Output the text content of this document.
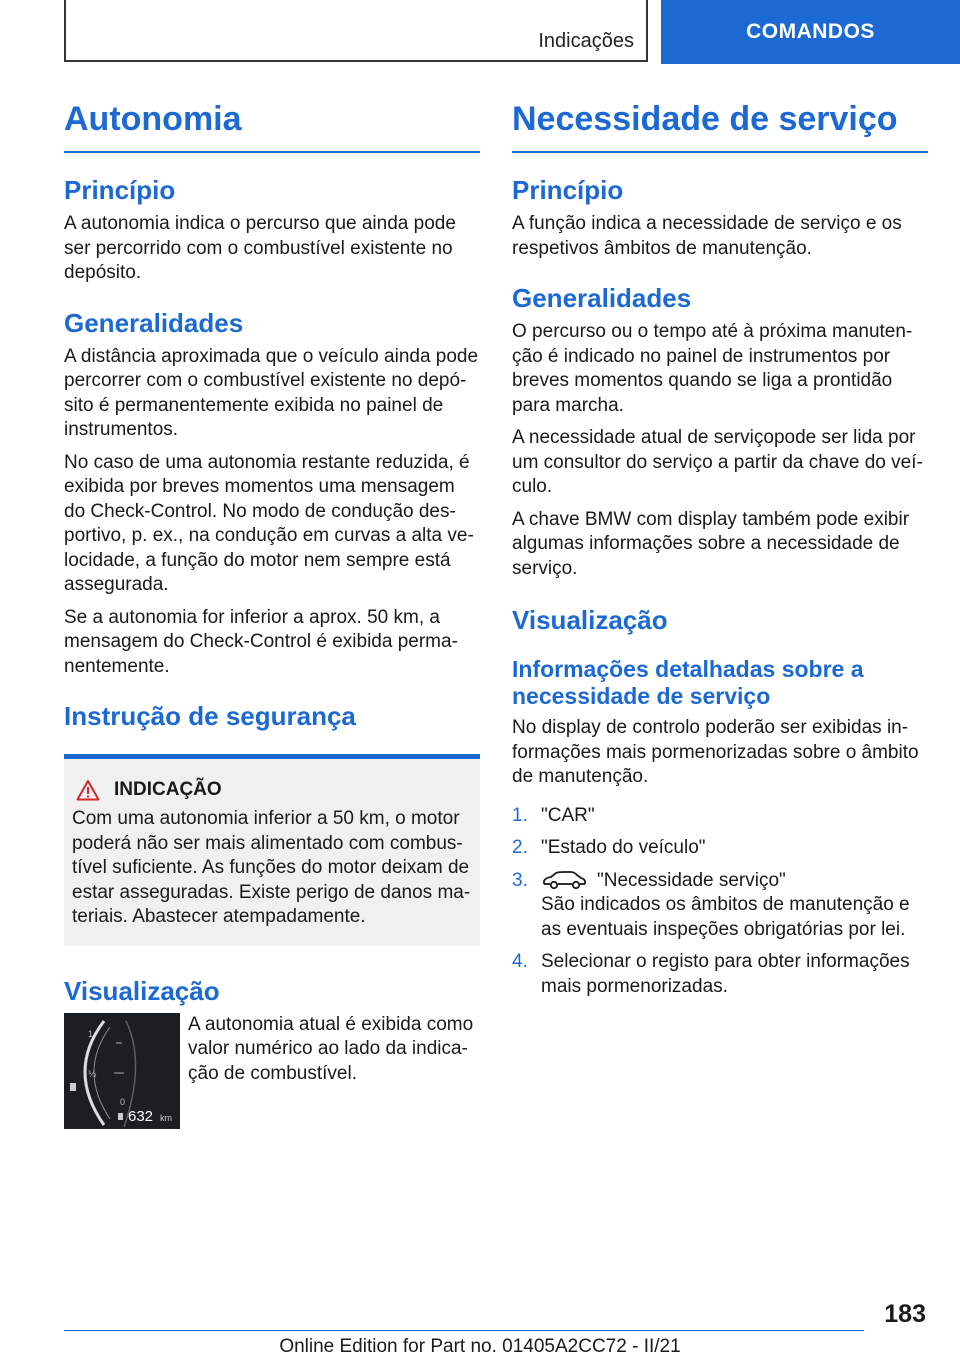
Indicações	COMANDOS
Autonomia
Princípio

A autonomia indica o percurso que ainda pode ser percorrido com o combustível existente no depósito.

Generalidades

A distância aproximada que o veículo ainda pode percorrer com o combustível existente no depó-sito é permanentemente exibida no painel de instrumentos.

No caso de uma autonomia restante reduzida, é exibida por breves momentos uma mensagem do Check-Control. No modo de condução des-portivo, p. ex., na condução em curvas a alta ve-locidade, a função do motor nem sempre está assegurada.

Se a autonomia for inferior a aprox. 50 km, a mensagem do Check-Control é exibida perma-nentemente.

Instrução de segurança
INDICAÇÃO

Com uma autonomia inferior a 50 km, o motor poderá não ser mais alimentado com combus-tível suficiente. As funções do motor deixam de estar asseguradas. Existe perigo de danos ma-teriais. Abastecer atempadamente.

Visualização
1
½
0
632 km

A autonomia atual é exibida como valor numérico ao lado da indica-ção de combustível.

Necessidade de serviço
Princípio

A função indica a necessidade de serviço e os respetivos âmbitos de manutenção.

Generalidades

O percurso ou o tempo até à próxima manuten-ção é indicado no painel de instrumentos por breves momentos quando se liga a prontidão para marcha.

A necessidade atual de serviçopode ser lida por um consultor do serviço a partir da chave do veí-culo.

A chave BMW com display também pode exibir algumas informações sobre a necessidade de serviço.

Visualização
Informações detalhadas sobre a necessidade de serviço

No display de controlo poderão ser exibidas in-formações mais pormenorizadas sobre o âmbito de manutenção.

1. "CAR"
2. "Estado do veículo"
3.	"Necessidade serviço"
São indicados os âmbitos de manutenção e as eventuais inspeções obrigatórias por lei.
4. Selecionar o registo para obter informações mais pormenorizadas.
183
Online Edition for Part no. 01405A2CC72 - II/21
